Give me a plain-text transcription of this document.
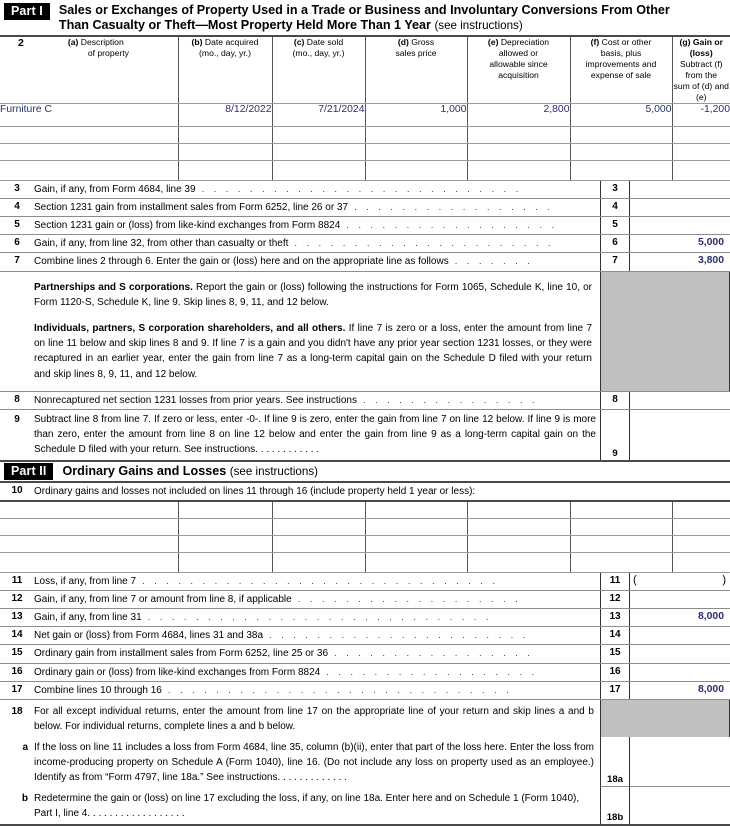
Part I	Sales or Exchanges of Property Used in a Trade or Business and Involuntary Conversions From Other
Than Casualty or Theft—Most Property Held More Than 1 Year (see instructions)
2 (a) Description
of property	(b) Date acquired
(mo., day, yr.)	(c) Date sold
(mo., day, yr.)	(d) Gross
sales price	(e) Depreciation
allowed or
allowable since
acquisition	(f) Cost or other
basis, plus
improvements and
expense of sale	(g) Gain or (loss)
Subtract (f) from the
sum of (d) and (e)
Furniture C	8/12/2022	7/21/2024	1,000	2,800	5,000	-1,200

3	Gain, if any, from Form 4684, line 39 . . . . . . . . . . . . . . . . . . . . . . . . . . .	3
4	Section 1231 gain from installment sales from Form 6252, line 26 or 37 . . . . . . . . . . . . . . . . .	4
5	Section 1231 gain or (loss) from like-kind exchanges from Form 8824 . . . . . . . . . . . . . . . . . .	5
6	Gain, if any, from line 32, from other than casualty or theft . . . . . . . . . . . . . . . . . . . . . .	6	5,000
7	Combine lines 2 through 6. Enter the gain or (loss) here and on the appropriate line as follows . . . . . . .	7	3,800

Partnerships and S corporations. Report the gain or (loss) following the instructions for Form 1065, Schedule K, line 10, or Form 1120-S, Schedule K, line 9. Skip lines 8, 9, 11, and 12 below.

Individuals, partners, S corporation shareholders, and all others. If line 7 is zero or a loss, enter the amount from line 7 on line 11 below and skip lines 8 and 9. If line 7 is a gain and you didn't have any prior year section 1231 losses, or they were recaptured in an earlier year, enter the gain from line 7 as a long-term capital gain on the Schedule D filed with your return and skip lines 8, 9, 11, and 12 below.

8	Nonrecaptured net section 1231 losses from prior years. See instructions . . . . . . . . . . . . . . .	8
9	Subtract line 8 from line 7. If zero or less, enter -0-. If line 9 is zero, enter the gain from line 7 on line 12 below. If line 9 is more than zero, enter the amount from line 8 on line 12 below and enter the gain from line 9 as a long-term capital gain on the Schedule D filed with your return. See instructions. . . . . . . . . . . .	9
Part II	Ordinary Gains and Losses (see instructions)
10	Ordinary gains and losses not included on lines 11 through 16 (include property held 1 year or less):

11	Loss, if any, from line 7 . . . . . . . . . . . . . . . . . . . . . . . . . . . . . .	11	(	)
12	Gain, if any, from line 7 or amount from line 8, if applicable . . . . . . . . . . . . . . . . . . .	12
13	Gain, if any, from line 31 . . . . . . . . . . . . . . . . . . . . . . . . . . . . .	13	8,000
14	Net gain or (loss) from Form 4684, lines 31 and 38a . . . . . . . . . . . . . . . . . . . . . .	14
15	Ordinary gain from installment sales from Form 6252, line 25 or 36 . . . . . . . . . . . . . . . . .	15
16	Ordinary gain or (loss) from like-kind exchanges from Form 8824 . . . . . . . . . . . . . . . . . .	16
17	Combine lines 10 through 16 . . . . . . . . . . . . . . . . . . . . . . . . . . . . .	17	8,000
18	For all except individual returns, enter the amount from line 17 on the appropriate line of your return and skip lines a and b below. For individual returns, complete lines a and b below.
a If the loss on line 11 includes a loss from Form 4684, line 35, column (b)(ii), enter that part of the loss here. Enter the loss from income-producing property on Schedule A (Form 1040), line 16. (Do not include any loss on property used as an employee.) Identify as from “Form 4797, line 18a.” See instructions. . . . . . . . . . . . .	18a
b Redetermine the gain or (loss) on line 17 excluding the loss, if any, on line 18a. Enter here and on Schedule 1 (Form 1040), Part I, line 4. . . . . . . . . . . . . . . . . .	18b
